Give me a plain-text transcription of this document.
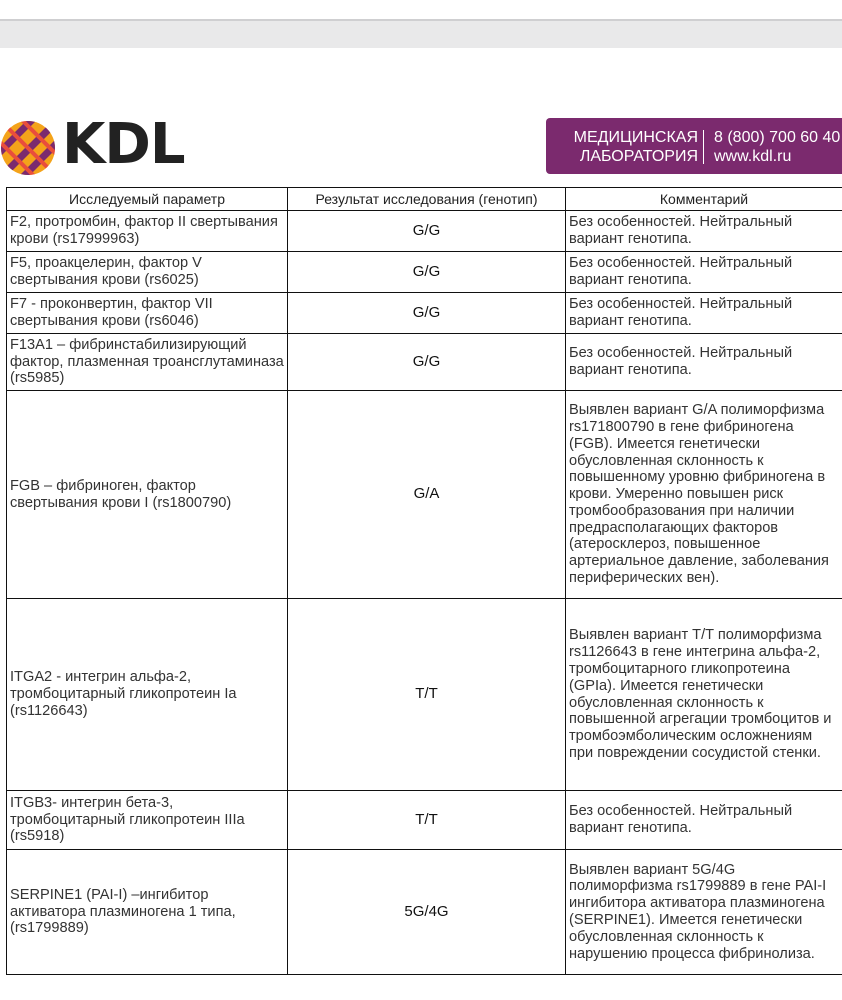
KDL	МЕДИЦИНСКАЯ
ЛАБОРАТОРИЯ
8 (800) 700 60 40
www.kdl.ru
Исследуемый параметр	Результат исследования (генотип)	Комментарий
F2, протромбин, фактор II свертывания крови (rs17999963)	G/G	Без особенностей. Нейтральный вариант генотипа.
F5, проакцелерин, фактор V свертывания крови (rs6025)	G/G	Без особенностей. Нейтральный вариант генотипа.
F7 - проконвертин, фактор VII свертывания крови (rs6046)	G/G	Без особенностей. Нейтральный вариант генотипа.
F13A1 – фибринстабилизирующий фактор, плазменная троансглутаминаза (rs5985)	G/G	Без особенностей. Нейтральный вариант генотипа.
FGB – фибриноген, фактор свертывания крови I (rs1800790)	G/A	Выявлен вариант G/A полиморфизма rs171800790 в гене фибриногена (FGB). Имеется генетически обусловленная склонность к повышенному уровню фибриногена в крови. Умеренно повышен риск тромбообразования при наличии предрасполагающих факторов (атеросклероз, повышенное артериальное давление, заболевания периферических вен).
ITGA2 - интегрин альфа-2, тромбоцитарный гликопротеин Ia (rs1126643)	T/T	Выявлен вариант T/T полиморфизма rs1126643 в гене интегрина альфа-2, тромбоцитарного гликопротеина (GPIa). Имеется генетически обусловленная склонность к повышенной агрегации тромбоцитов и тромбоэмболическим осложнениям при повреждении сосудистой стенки.
ITGB3- интегрин бета-3, тромбоцитарный гликопротеин IIIa (rs5918)	T/T	Без особенностей. Нейтральный вариант генотипа.
SERPINE1 (PAI-I) –ингибитор активатора плазминогена 1 типа, (rs1799889)	5G/4G	Выявлен вариант 5G/4G полиморфизма rs1799889 в гене PAI-I ингибитора активатора плазминогена (SERPINE1). Имеется генетически обусловленная склонность к нарушению процесса фибринолиза.
